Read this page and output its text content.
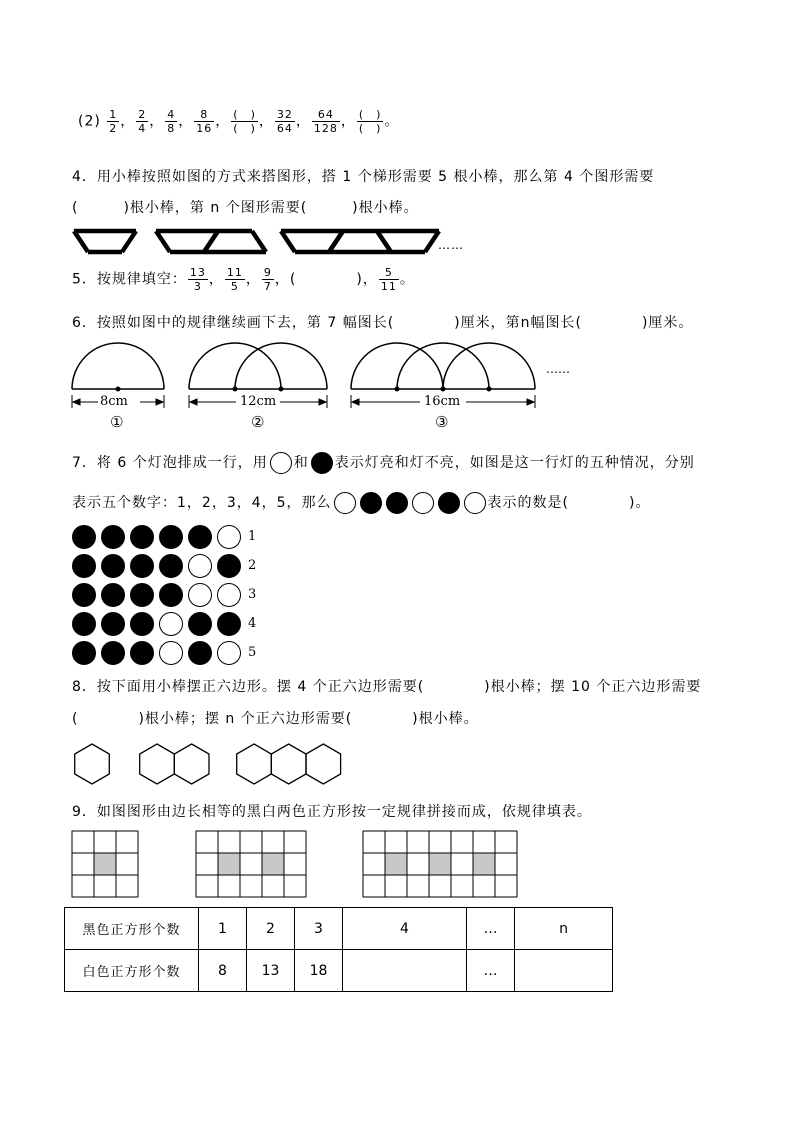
$(2) \frac{1}{2}$ ， $\frac{2}{4}$ ， $\frac{4}{8}$ ， $\frac{8}{16}$ ， $\frac{( )}{( )}$ ， $\frac{32}{64}$ ， $\frac{64}{128}$ ， $\frac{( )}{( )}$ 。
4．用小棒按照如图的方式来搭图形，搭 1 个梯形需要 5 根小棒，那么第 4 个图形需要
(　　　)根小棒，第 n 个图形需要(　　　)根小棒。
……
5．按规律填空： $\frac{13}{3}$ ， $\frac{11}{5}$ ， $\frac{9}{7}$ ，(　　　　)， $\frac{5}{11}$ 。
6．按照如图中的规律继续画下去，第 7 幅图长(　　　　)厘米，第n幅图长(　　　　)厘米。
8cm	12cm	16cm
①	②	③
……
7．将 6 个灯泡排成一行，用 和 表示灯亮和灯不亮，如图是这一行灯的五种情况，分别
表示五个数字：1，2，3，4，5，那么	表示的数是(　　　　)。
1
2
3
4
5
8．按下面用小棒摆正六边形。摆 4 个正六边形需要(　　　　)根小棒；摆 10 个正六边形需要
(　　　　)根小棒；摆 n 个正六边形需要(　　　　)根小棒。
9．如图图形由边长相等的黑白两色正方形按一定规律拼接而成，依规律填表。
黑色正方形个数	1	2	3	4	…	n
白色正方形个数	8	13	18		…	
